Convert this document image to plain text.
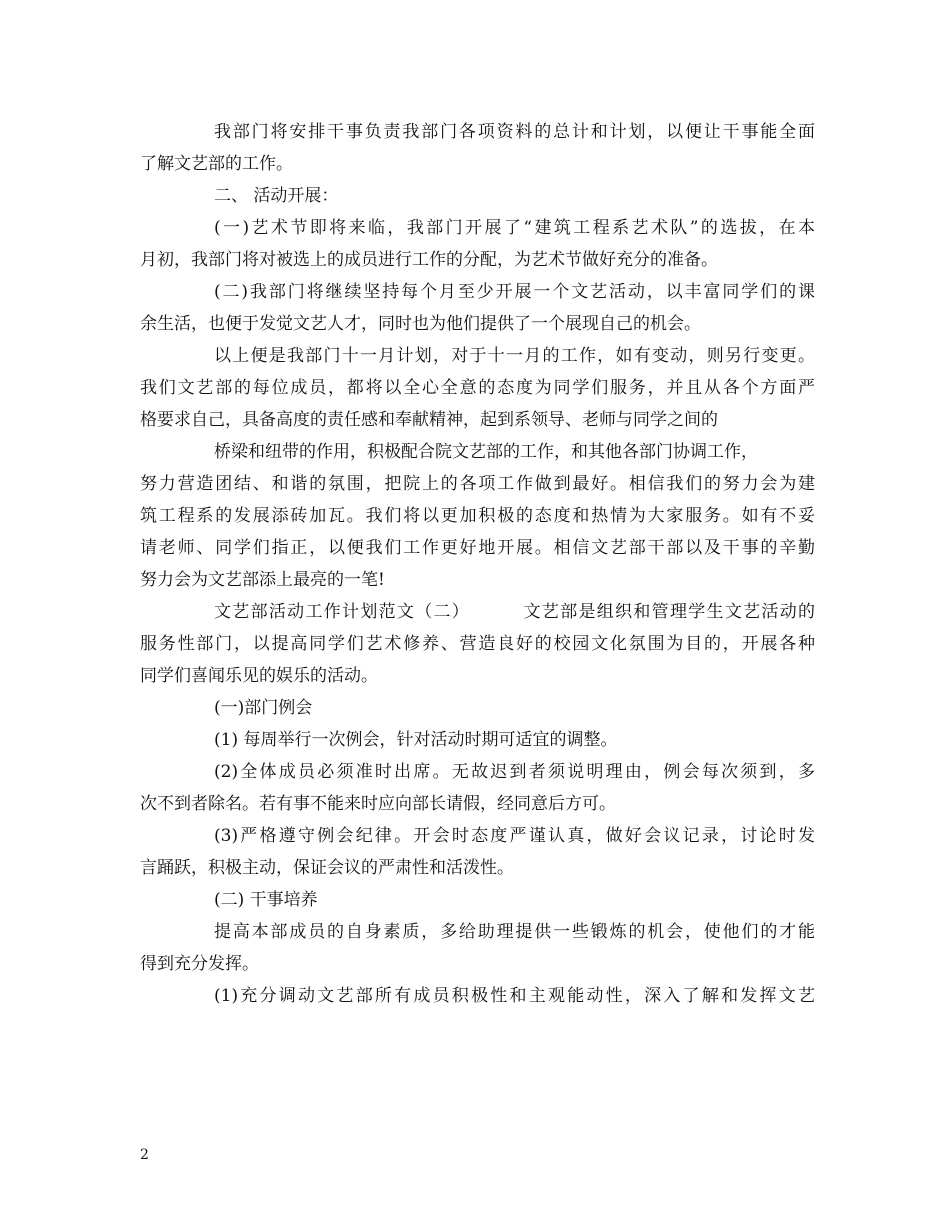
我部门将安排干事负责我部门各项资料的总计和计划，以便让干事能全面
了解文艺部的工作。
二、 活动开展：
(一)艺术节即将来临，我部门开展了“建筑工程系艺术队”的选拔，在本
月初，我部门将对被选上的成员进行工作的分配，为艺术节做好充分的准备。
(二)我部门将继续坚持每个月至少开展一个文艺活动，以丰富同学们的课
余生活，也便于发觉文艺人才，同时也为他们提供了一个展现自己的机会。
以上便是我部门十一月计划，对于十一月的工作，如有变动，则另行变更。
我们文艺部的每位成员，都将以全心全意的态度为同学们服务，并且从各个方面严
格要求自己，具备高度的责任感和奉献精神，起到系领导、老师与同学之间的
桥梁和纽带的作用，积极配合院文艺部的工作，和其他各部门协调工作，
努力营造团结、和谐的氛围，把院上的各项工作做到最好。相信我们的努力会为建
筑工程系的发展添砖加瓦。我们将以更加积极的态度和热情为大家服务。如有不妥
请老师、同学们指正，以便我们工作更好地开展。相信文艺部干部以及干事的辛勤
努力会为文艺部添上最亮的一笔!
文艺部活动工作计划范文（二）        文艺部是组织和管理学生文艺活动的
服务性部门，以提高同学们艺术修养、营造良好的校园文化氛围为目的，开展各种
同学们喜闻乐见的娱乐的活动。
(一)部门例会
(1) 每周举行一次例会，针对活动时期可适宜的调整。
(2)全体成员必须准时出席。无故迟到者须说明理由，例会每次须到，多
次不到者除名。若有事不能来时应向部长请假，经同意后方可。
(3)严格遵守例会纪律。开会时态度严谨认真，做好会议记录，讨论时发
言踊跃，积极主动，保证会议的严肃性和活泼性。
(二) 干事培养
提高本部成员的自身素质，多给助理提供一些锻炼的机会，使他们的才能
得到充分发挥。
(1)充分调动文艺部所有成员积极性和主观能动性，深入了解和发挥文艺
2
